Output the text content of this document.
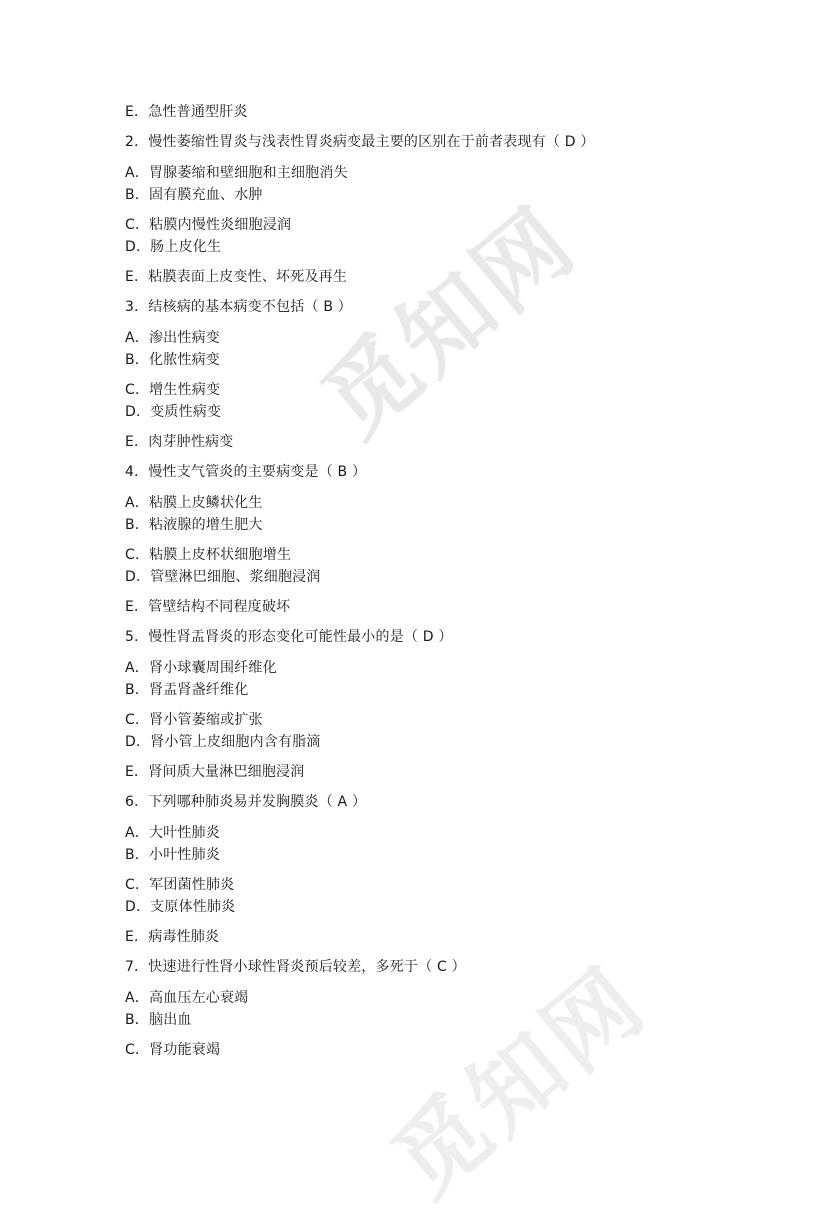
觅知网
觅知网
E．急性普通型肝炎
2．慢性萎缩性胃炎与浅表性胃炎病变最主要的区别在于前者表现有（ D ）
A．胃腺萎缩和壁细胞和主细胞消失
B．固有膜充血、水肿
C．粘膜内慢性炎细胞浸润
D．肠上皮化生
E．粘膜表面上皮变性、坏死及再生
3．结核病的基本病变不包括（ B ）
A．渗出性病变
B．化脓性病变
C．增生性病变
D．变质性病变
E．肉芽肿性病变
4．慢性支气管炎的主要病变是（ B ）
A．粘膜上皮鳞状化生
B．粘液腺的增生肥大
C．粘膜上皮杯状细胞增生
D．管壁淋巴细胞、浆细胞浸润
E．管壁结构不同程度破坏
5．慢性肾盂肾炎的形态变化可能性最小的是（ D ）
A．肾小球囊周围纤维化
B．肾盂肾盏纤维化
C．肾小管萎缩或扩张
D．肾小管上皮细胞内含有脂滴
E．肾间质大量淋巴细胞浸润
6．下列哪种肺炎易并发胸膜炎（ A ）
A．大叶性肺炎
B．小叶性肺炎
C．军团菌性肺炎
D．支原体性肺炎
E．病毒性肺炎
7．快速进行性肾小球性肾炎预后较差，多死于（ C ）
A．高血压左心衰竭
B．脑出血
C．肾功能衰竭
